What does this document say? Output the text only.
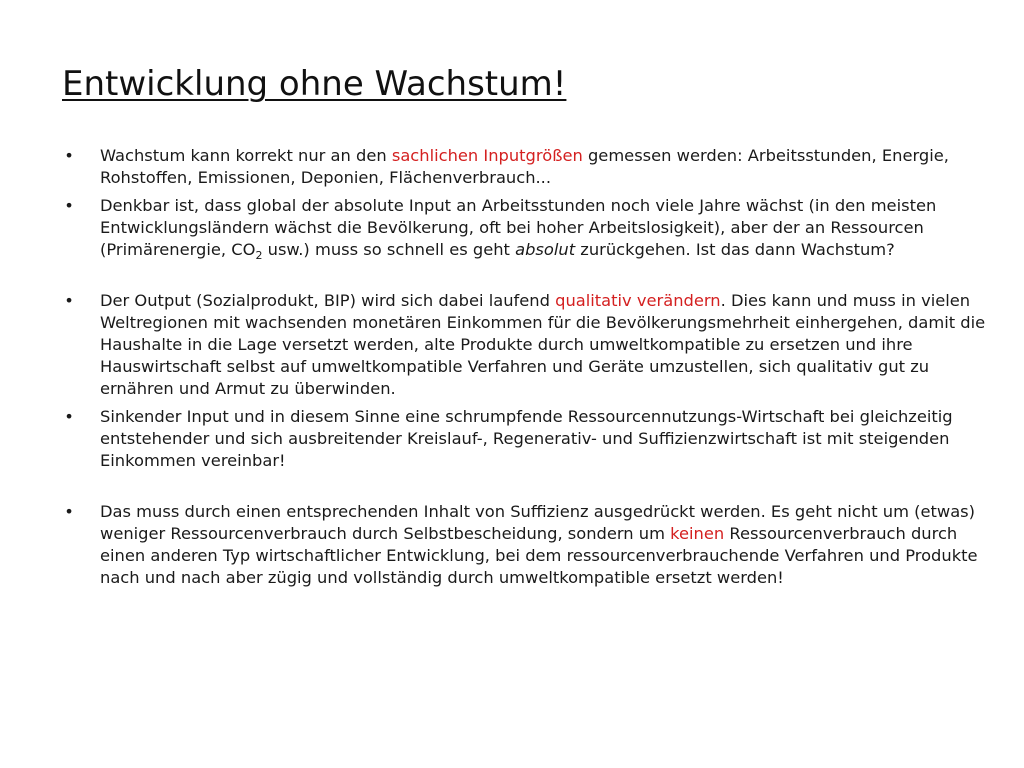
Entwicklung ohne Wachstum!
• Wachstum kann korrekt nur an den sachlichen Inputgrößen gemessen werden: Arbeitsstunden, Energie, Rohstoffen, Emissionen, Deponien, Flächenverbrauch...
• Denkbar ist, dass global der absolute Input an Arbeitsstunden noch viele Jahre wächst (in den meisten Entwicklungsländern wächst die Bevölkerung, oft bei hoher Arbeitslosigkeit), aber der an Ressourcen (Primärenergie, $CO_2$ usw.) muss so schnell es geht absolut zurückgehen. Ist das dann Wachstum?
• Der Output (Sozialprodukt, BIP) wird sich dabei laufend qualitativ verändern. Dies kann und muss in vielen Weltregionen mit wachsenden monetären Einkommen für die Bevölkerungsmehrheit einhergehen, damit die Haushalte in die Lage versetzt werden, alte Produkte durch umweltkompatible zu ersetzen und ihre Hauswirtschaft selbst auf umweltkompatible Verfahren und Geräte umzustellen, sich qualitativ gut zu ernähren und Armut zu überwinden.
• Sinkender Input und in diesem Sinne eine schrumpfende Ressourcennutzungs-Wirtschaft bei gleichzeitig entstehender und sich ausbreitender Kreislauf-, Regenerativ- und Suffizienzwirtschaft ist mit steigenden Einkommen vereinbar!
• Das muss durch einen entsprechenden Inhalt von Suffizienz ausgedrückt werden. Es geht nicht um (etwas) weniger Ressourcenverbrauch durch Selbstbescheidung, sondern um keinen Ressourcenverbrauch durch einen anderen Typ wirtschaftlicher Entwicklung, bei dem ressourcenverbrauchende Verfahren und Produkte nach und nach aber zügig und vollständig durch umweltkompatible ersetzt werden!
